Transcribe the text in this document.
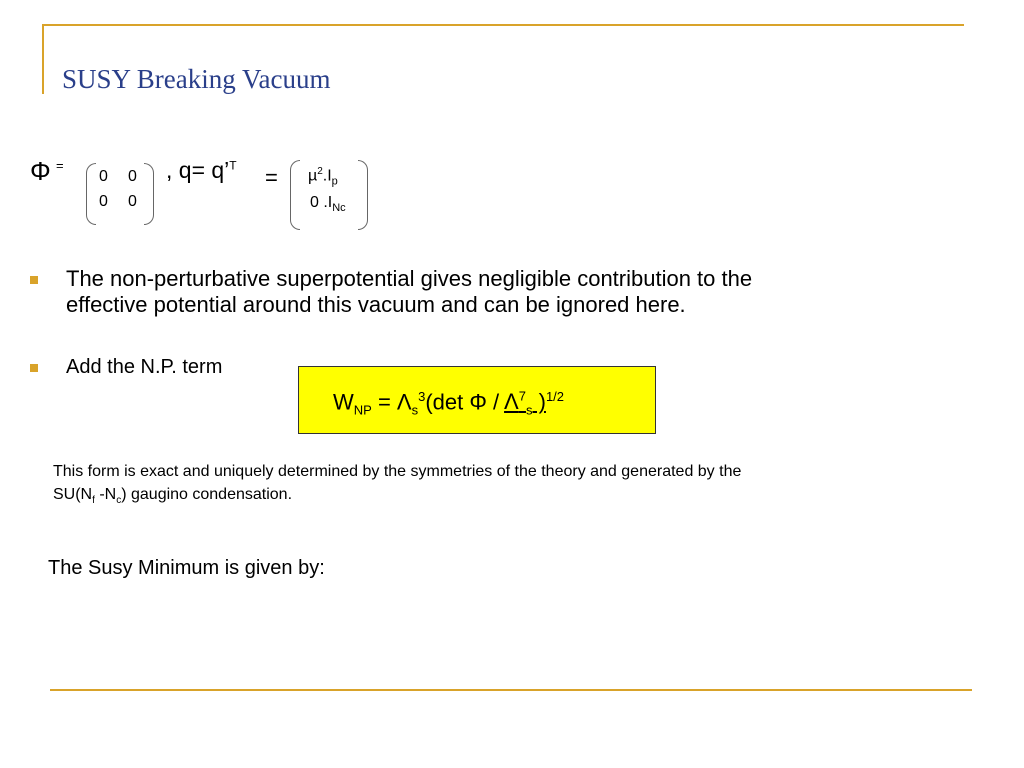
SUSY Breaking Vacuum
Φ =
0 0
0 0
, q= q’$^T$ = $\mu^2.I_p$
0 $.I_{Nc}$
The non-perturbative superpotential gives negligible contribution to the
effective potential around this vacuum and can be ignored here.
Add the N.P. term
$W_{NP} = \Lambda_s^3(\det$ Φ / $\Lambda^7_s$ )$^{1/2}$
This form is exact and uniquely determined by the symmetries of the theory and generated by the
$SU(N_f$ $-N_c$) gaugino condensation.
The Susy Minimum is given by:
